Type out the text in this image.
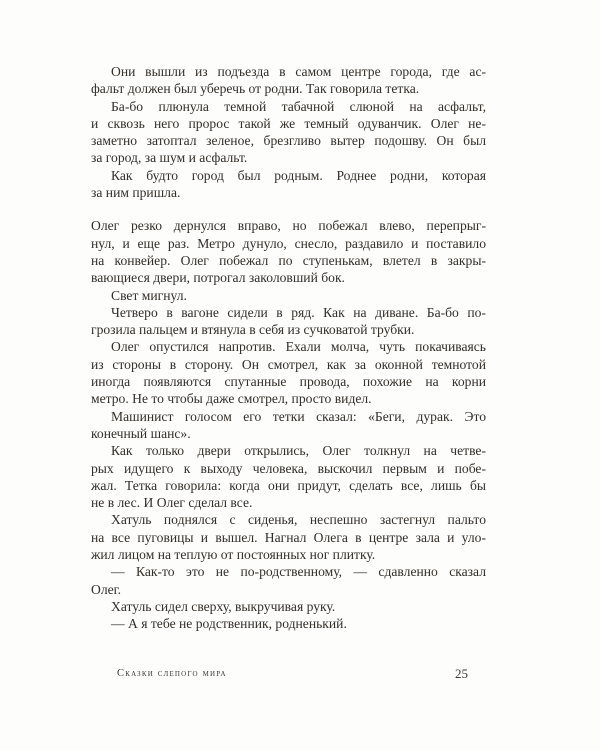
Они вышли из подъезда в самом центре города, где ас-
фальт должен был уберечь от родни. Так говорила тетка.
Ба-бо плюнула темной табачной слюной на асфальт,
и сквозь него пророс такой же темный одуванчик. Олег не-
заметно затоптал зеленое, брезгливо вытер подошву. Он был
за город, за шум и асфальт.
Как будто город был родным. Роднее родни, которая
за ним пришла.
Олег резко дернулся вправо, но побежал влево, перепрыг-
нул, и еще раз. Метро дунуло, снесло, раздавило и поставило
на конвейер. Олег побежал по ступенькам, влетел в закры-
вающиеся двери, потрогал заколовший бок.
Свет мигнул.
Четверо в вагоне сидели в ряд. Как на диване. Ба-бо по-
грозила пальцем и втянула в себя из сучковатой трубки.
Олег опустился напротив. Ехали молча, чуть покачиваясь
из стороны в сторону. Он смотрел, как за оконной темнотой
иногда появляются спутанные провода, похожие на корни
метро. Не то чтобы даже смотрел, просто видел.
Машинист голосом его тетки сказал: «Беги, дурак. Это
конечный шанс».
Как только двери открылись, Олег толкнул на четве-
рых идущего к выходу человека, выскочил первым и побе-
жал. Тетка говорила: когда они придут, сделать все, лишь бы
не в лес. И Олег сделал все.
Хатуль поднялся с сиденья, неспешно застегнул пальто
на все пуговицы и вышел. Нагнал Олега в центре зала и уло-
жил лицом на теплую от постоянных ног плитку.
— Как-то это не по-родственному, — сдавленно сказал
Олег.
Хатуль сидел сверху, выкручивая руку.
— А я тебе не родственник, родненький.
Сказки слепого мира	25
